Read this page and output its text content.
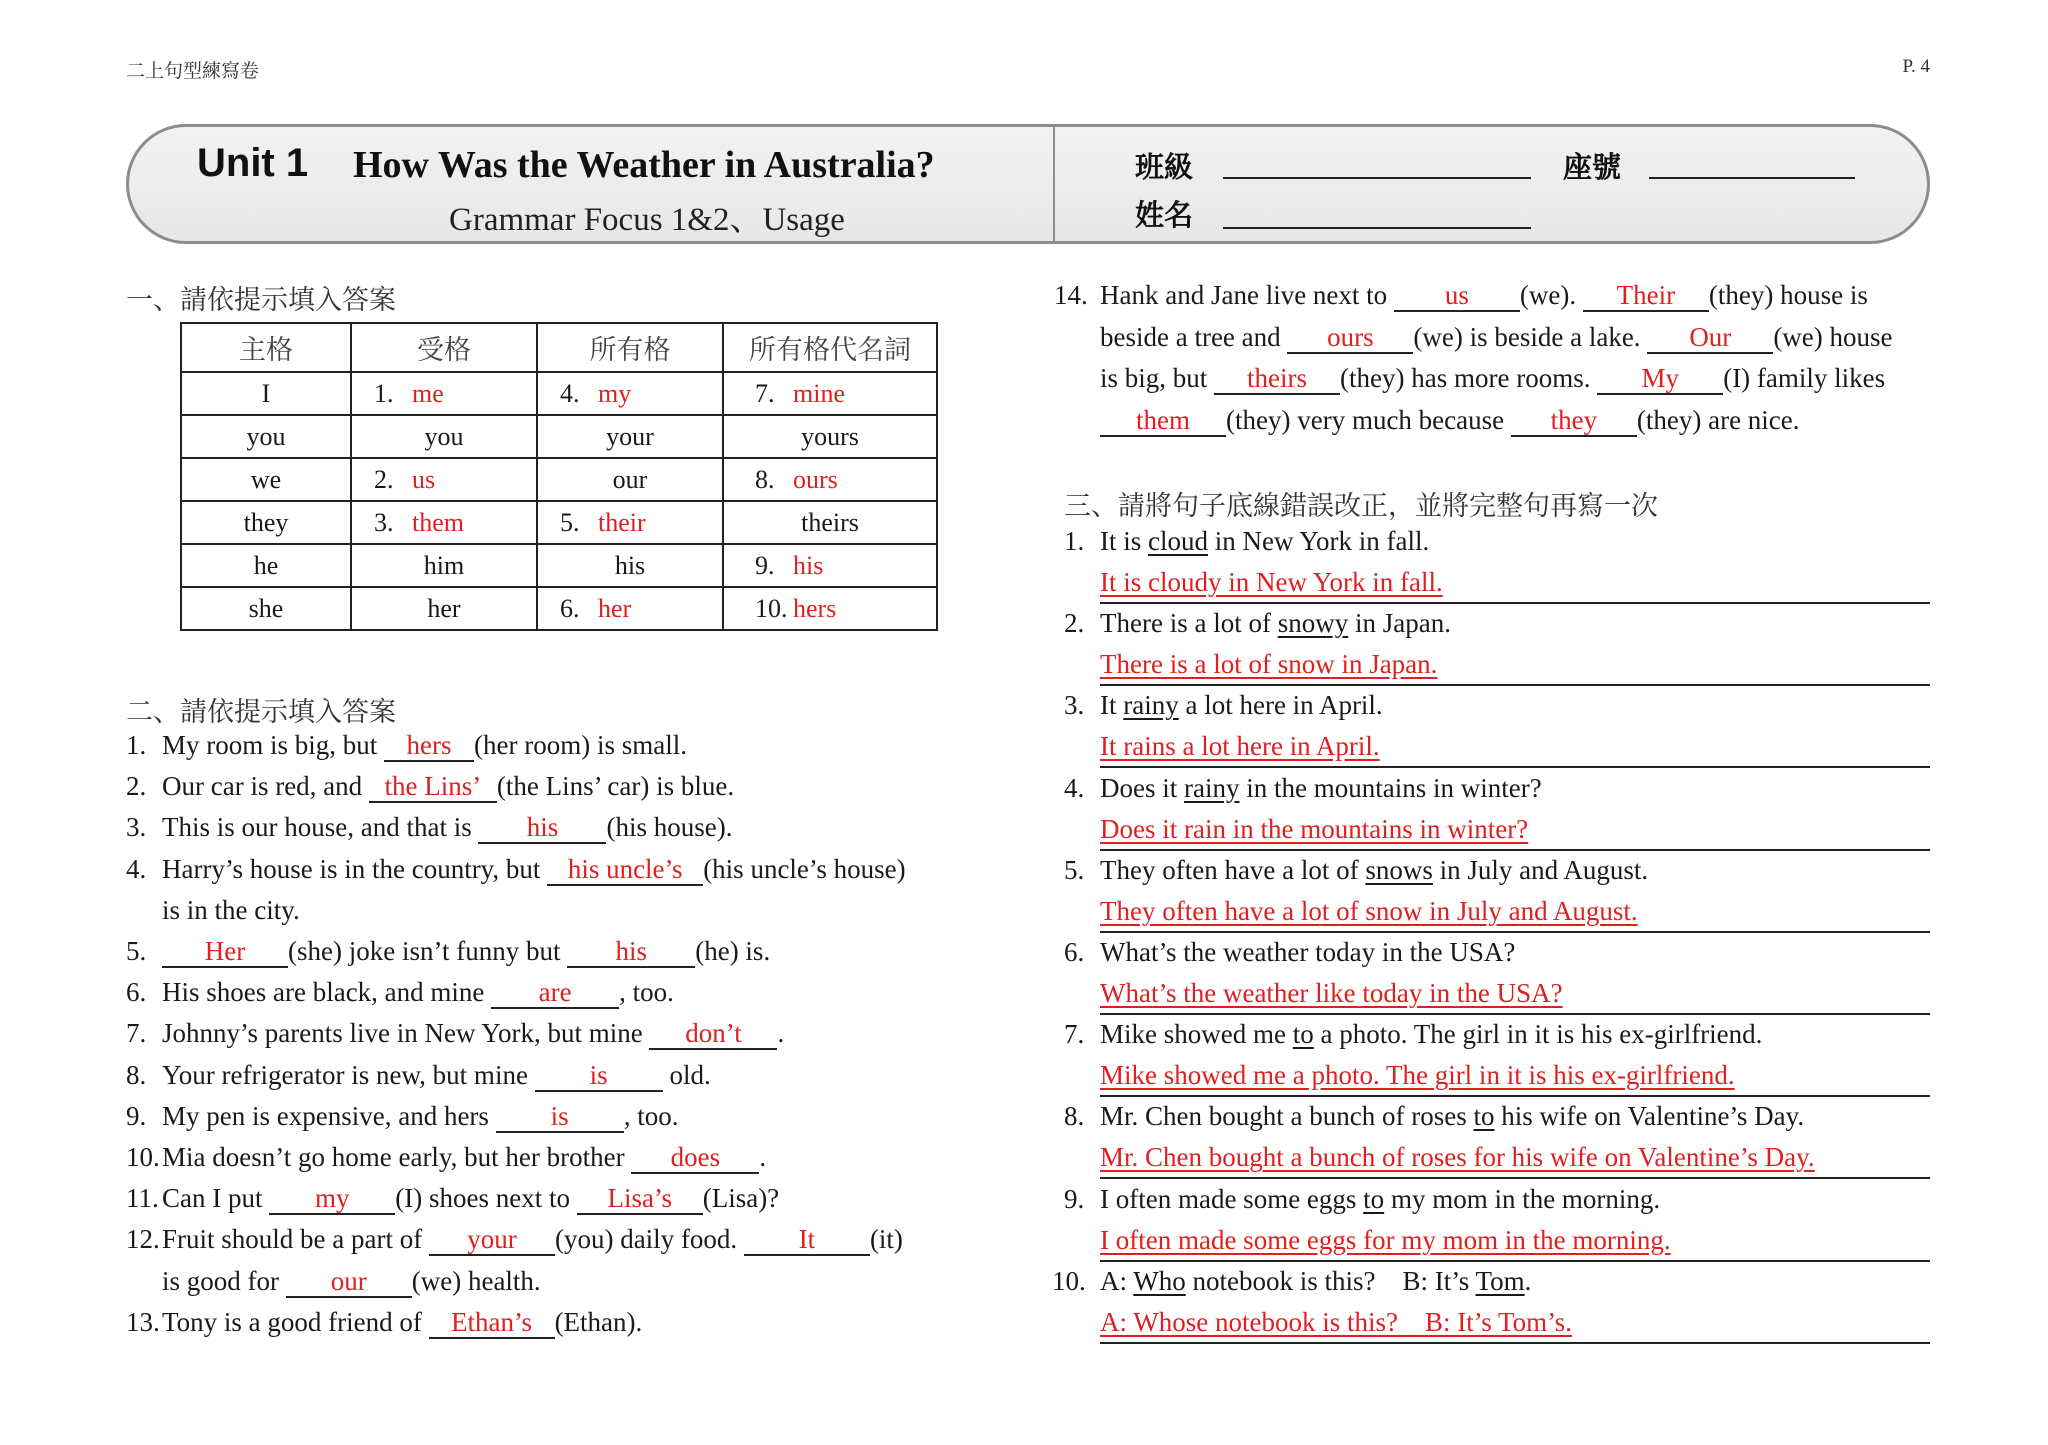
二上句型練寫卷	P. 4
Unit 1 How Was the Weather in Australia?
Grammar Focus 1&2、Usage
班級	座號
姓名
一、請依提示填入答案
主格	受格	所有格	所有格代名詞
I	1. me	4. my	7. mine
you	you	your	yours
we	2. us	our	8. ours
they	3. them	5. their	theirs
he	him	his	9. his
she	her	6. her	10. hers
二、請依提示填入答案
1. My room is big, but hers (her room) is small.
2. Our car is red, and the Lins’ (the Lins’ car) is blue.
3. This is our house, and that is his (his house).
4. Harry’s house is in the country, but his uncle’s (his uncle’s house)
is in the city.
5.	Her (she) joke isn’t funny but his (he) is.
6. His shoes are black, and mine are , too.
7. Johnny’s parents live in New York, but mine don’t .
8. Your refrigerator is new, but mine is old.
9. My pen is expensive, and hers is , too.
10. Mia doesn’t go home early, but her brother does .
11. Can I put my (I) shoes next to Lisa’s (Lisa)?
12. Fruit should be a part of your (you) daily food. It (it)
is good for our (we) health.
13. Tony is a good friend of Ethan’s (Ethan).
14. Hank and Jane live next to us (we). Their (they) house is
beside a tree and ours (we) is beside a lake. Our (we) house
is big, but theirs (they) has more rooms. My (I) family likes
them (they) very much because they (they) are nice.
三、請將句子底線錯誤改正，並將完整句再寫一次
1. It is cloud in New York in fall.
It is cloudy in New York in fall.
2. There is a lot of snowy in Japan.
There is a lot of snow in Japan.
3. It rainy a lot here in April.
It rains a lot here in April.
4. Does it rainy in the mountains in winter?
Does it rain in the mountains in winter?
5. They often have a lot of snows in July and August.
They often have a lot of snow in July and August.
6. What’s the weather today in the USA?
What’s the weather like today in the USA?
7. Mike showed me to a photo. The girl in it is his ex-girlfriend.
Mike showed me a photo. The girl in it is his ex-girlfriend.
8. Mr. Chen bought a bunch of roses to his wife on Valentine’s Day.
Mr. Chen bought a bunch of roses for his wife on Valentine’s Day.
9. I often made some eggs to my mom in the morning.
I often made some eggs for my mom in the morning.
10. A: Who notebook is this?    B: It’s Tom.
A: Whose notebook is this?    B: It’s Tom’s.
